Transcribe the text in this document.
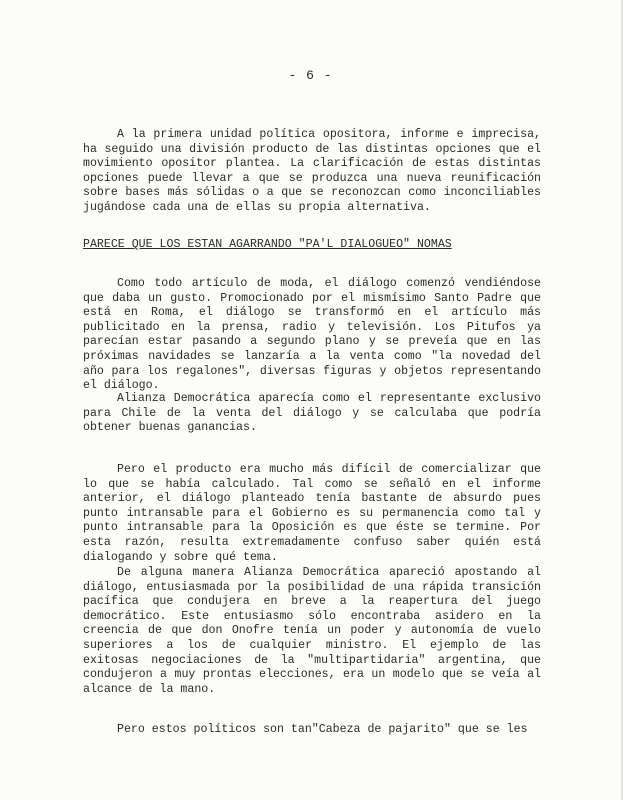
- 6 -

A la primera unidad política opositora, informe e imprecisa, ha seguido una división producto de las distintas opciones que el movimiento opositor plantea. La clarificación de estas distintas opciones puede llevar a que se produzca una nueva reunificación sobre bases más sólidas o a que se reconozcan como inconciliables jugándose cada una de ellas su propia alternativa.

PARECE QUE LOS ESTAN AGARRANDO "PA'L DIALOGUEO" NOMAS

Como todo artículo de moda, el diálogo comenzó vendiéndose que daba un gusto. Promocionado por el mismísimo Santo Padre que está en Roma, el diálogo se transformó en el artículo más publicitado en la prensa, radio y televisión. Los Pitufos ya parecían estar pasando a segundo plano y se preveía que en las próximas navidades se lanzaría a la venta como "la novedad del año para los regalones", diversas figuras y objetos representando el diálogo.

Alianza Democrática aparecía como el representante exclusivo para Chile de la venta del diálogo y se calculaba que podría obtener buenas ganancias.

Pero el producto era mucho más difícil de comercializar que lo que se había calculado. Tal como se señaló en el informe anterior, el diálogo planteado tenía bastante de absurdo pues punto intransable para el Gobierno es su permanencia como tal y punto intransable para la Oposición es que éste se termine. Por esta razón, resulta extremadamente confuso saber quién está dialogando y sobre qué tema.

De alguna manera Alianza Democrática apareció apostando al diálogo, entusiasmada por la posibilidad de una rápida transición pacífica que condujera en breve a la reapertura del juego democrático. Este entusiasmo sólo encontraba asidero en la creencia de que don Onofre tenía un poder y autonomía de vuelo superiores a los de cualquier ministro. El ejemplo de las exitosas negociaciones de la "multipartidaria" argentina, que condujeron a muy prontas elecciones, era un modelo que se veía al alcance de la mano.

Pero estos políticos son tan"Cabeza de pajarito" que se les
